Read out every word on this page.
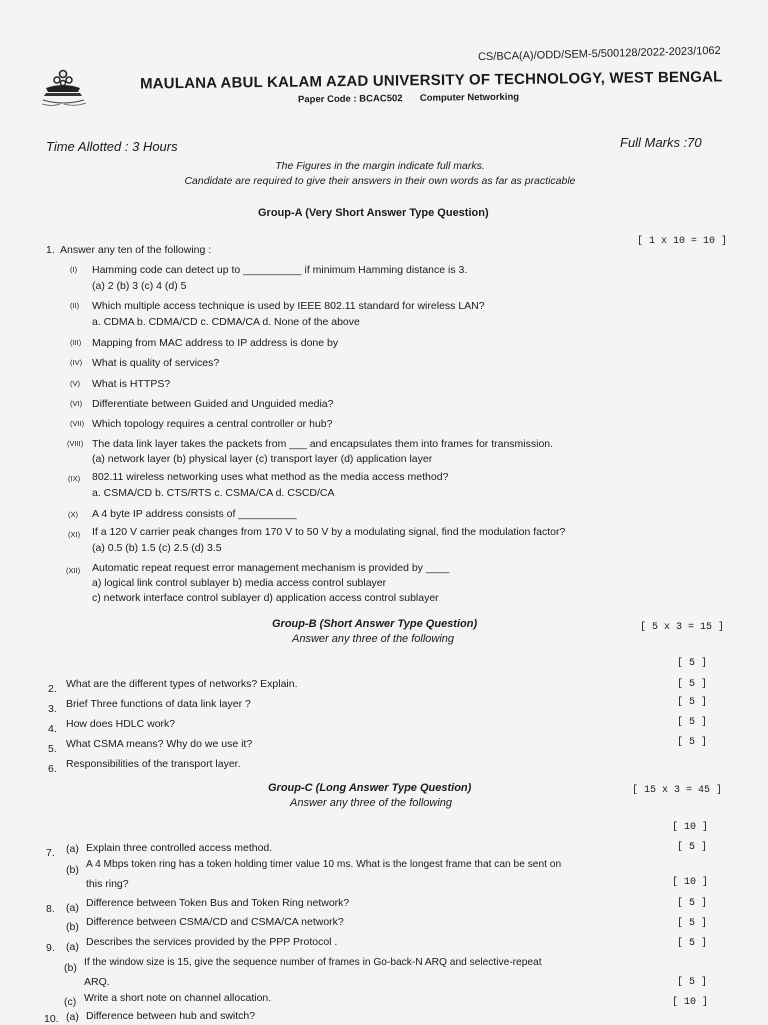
CS/BCA(A)/ODD/SEM-5/500128/2022-2023/1062
MAULANA ABUL KALAM AZAD UNIVERSITY OF TECHNOLOGY, WEST BENGAL
Paper Code : BCAC502 Computer Networking
Time Allotted : 3 Hours	Full Marks :70
The Figures in the margin indicate full marks.
Candidate are required to give their answers in their own words as far as practicable
Group-A (Very Short Answer Type Question)
1. Answer any ten of the following :
[ 1 x 10 = 10 ]
(I) Hamming code can detect up to __________ if minimum Hamming distance is 3.
(a) 2 (b) 3 (c) 4 (d) 5
(II) Which multiple access technique is used by IEEE 802.11 standard for wireless LAN?
a. CDMA b. CDMA/CD c. CDMA/CA d. None of the above
(III) Mapping from MAC address to IP address is done by
(IV) What is quality of services?
(V) What is HTTPS?
(VI) Differentiate between Guided and Unguided media?
(VII) Which topology requires a central controller or hub?
(VIII) The data link layer takes the packets from ___ and encapsulates them into frames for transmission.
(a) network layer (b) physical layer (c) transport layer (d) application layer
(IX) 802.11 wireless networking uses what method as the media access method?
a. CSMA/CD b. CTS/RTS c. CSMA/CA d. CSCD/CA
(X) A 4 byte IP address consists of __________
(XI) If a 120 V carrier peak changes from 170 V to 50 V by a modulating signal, find the modulation factor?
(a) 0.5 (b) 1.5 (c) 2.5 (d) 3.5
(XII) Automatic repeat request error management mechanism is provided by ____
a) logical link control sublayer b) media access control sublayer
c) network interface control sublayer d) application access control sublayer
Group-B (Short Answer Type Question)
Answer any three of the following
[ 5 x 3 = 15 ]
[ 5 ]
2. What are the different types of networks? Explain.	[ 5 ]
3. Brief Three functions of data link layer ?	[ 5 ]
4. How does HDLC work?	[ 5 ]
5. What CSMA means? Why do we use it?	[ 5 ]
6. Responsibilities of the transport layer.
Group-C (Long Answer Type Question)
Answer any three of the following
[ 15 x 3 = 45 ]
[ 10 ]
7. (a) Explain three controlled access method.	[ 5 ]
(b) A 4 Mbps token ring has a token holding timer value 10 ms. What is the longest frame that can be sent on
this ring?	[ 10 ]
8. (a) Difference between Token Bus and Token Ring network?	[ 5 ]
(b) Difference between CSMA/CD and CSMA/CA network?	[ 5 ]
9. (a) Describes the services provided by the PPP Protocol .	[ 5 ]
(b) If the window size is 15, give the sequence number of frames in Go-back-N ARQ and selective-repeat
ARQ.	[ 5 ]
(c) Write a short note on channel allocation.	[ 10 ]
10. (a) Difference between hub and switch?
